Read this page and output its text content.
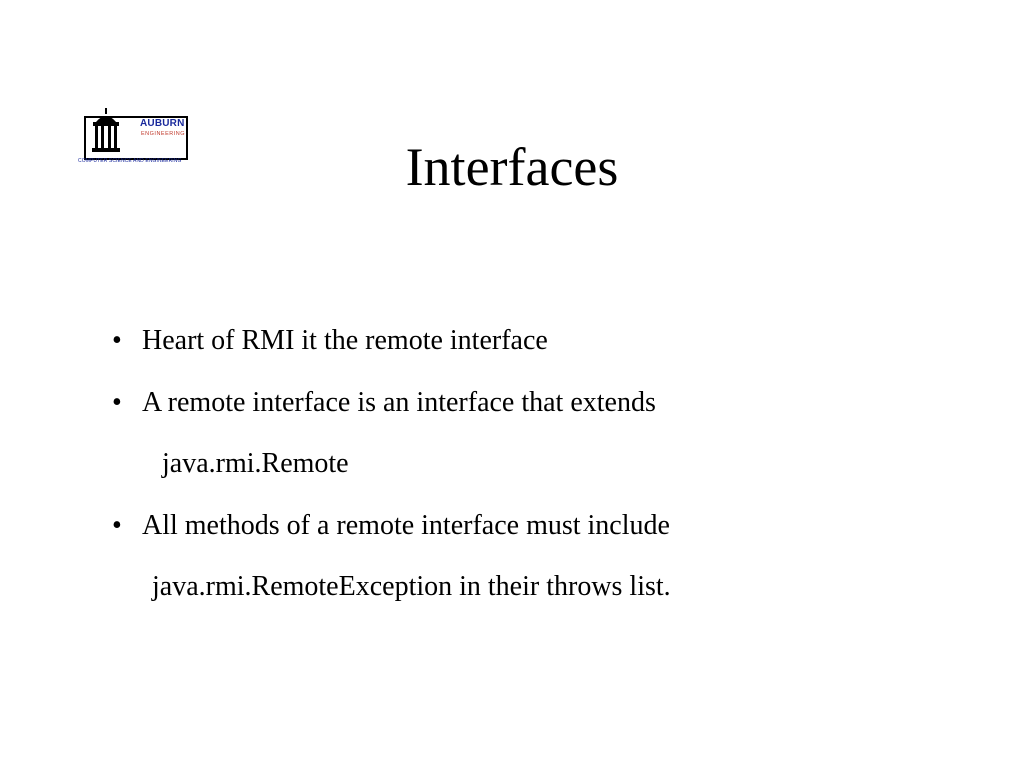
AUBURN
ENGINEERING
COMPUTER SCIENCE AND ENGINEERING	Interfaces
• Heart of RMI it the remote interface
• A remote interface is an interface that extends
java.rmi.Remote
• All methods of a remote interface must include
java.rmi.RemoteException in their throws list.
